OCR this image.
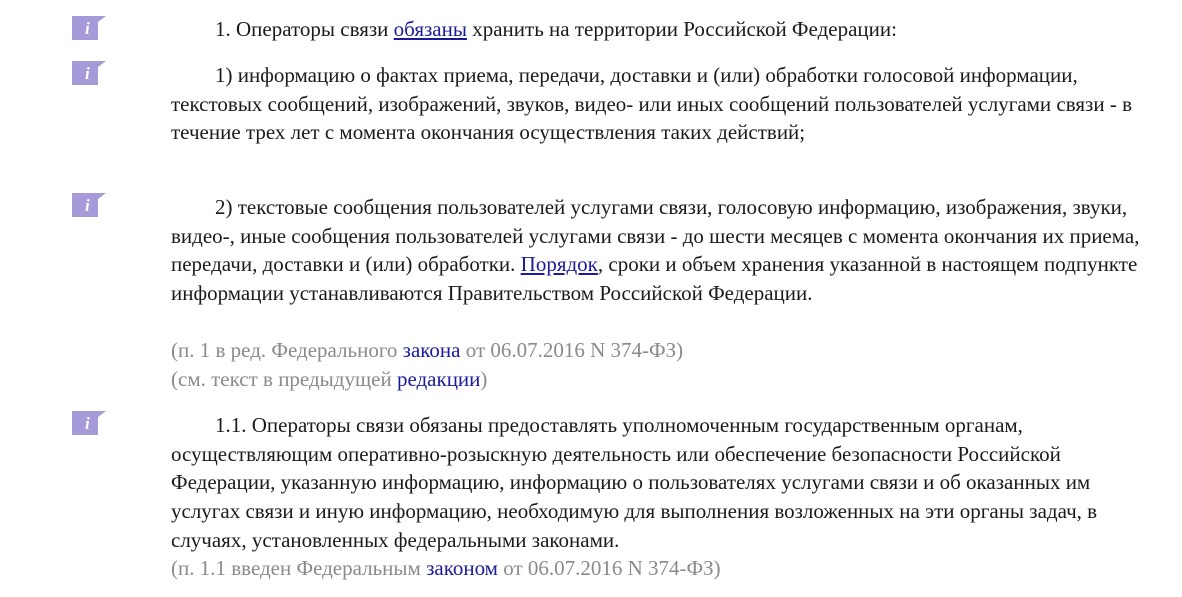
i	1. Операторы связи обязаны хранить на территории Российской Федерации:

i	1) информацию о фактах приема, передачи, доставки и (или) обработки голосовой информации, текстовых сообщений, изображений, звуков, видео- или иных сообщений пользователей услугами связи - в течение трех лет с момента окончания осуществления таких действий;

i	2) текстовые сообщения пользователей услугами связи, голосовую информацию, изображения, звуки, видео-, иные сообщения пользователей услугами связи - до шести месяцев с момента окончания их приема, передачи, доставки и (или) обработки. Порядок, сроки и объем хранения указанной в настоящем подпункте информации устанавливаются Правительством Российской Федерации.

(п. 1 в ред. Федерального закона от 06.07.2016 N 374-ФЗ)

(см. текст в предыдущей редакции)

i	1.1. Операторы связи обязаны предоставлять уполномоченным государственным органам, осуществляющим оперативно-розыскную деятельность или обеспечение безопасности Российской Федерации, указанную информацию, информацию о пользователях услугами связи и об оказанных им услугах связи и иную информацию, необходимую для выполнения возложенных на эти органы задач, в случаях, установленных федеральными законами.

(п. 1.1 введен Федеральным законом от 06.07.2016 N 374-ФЗ)
